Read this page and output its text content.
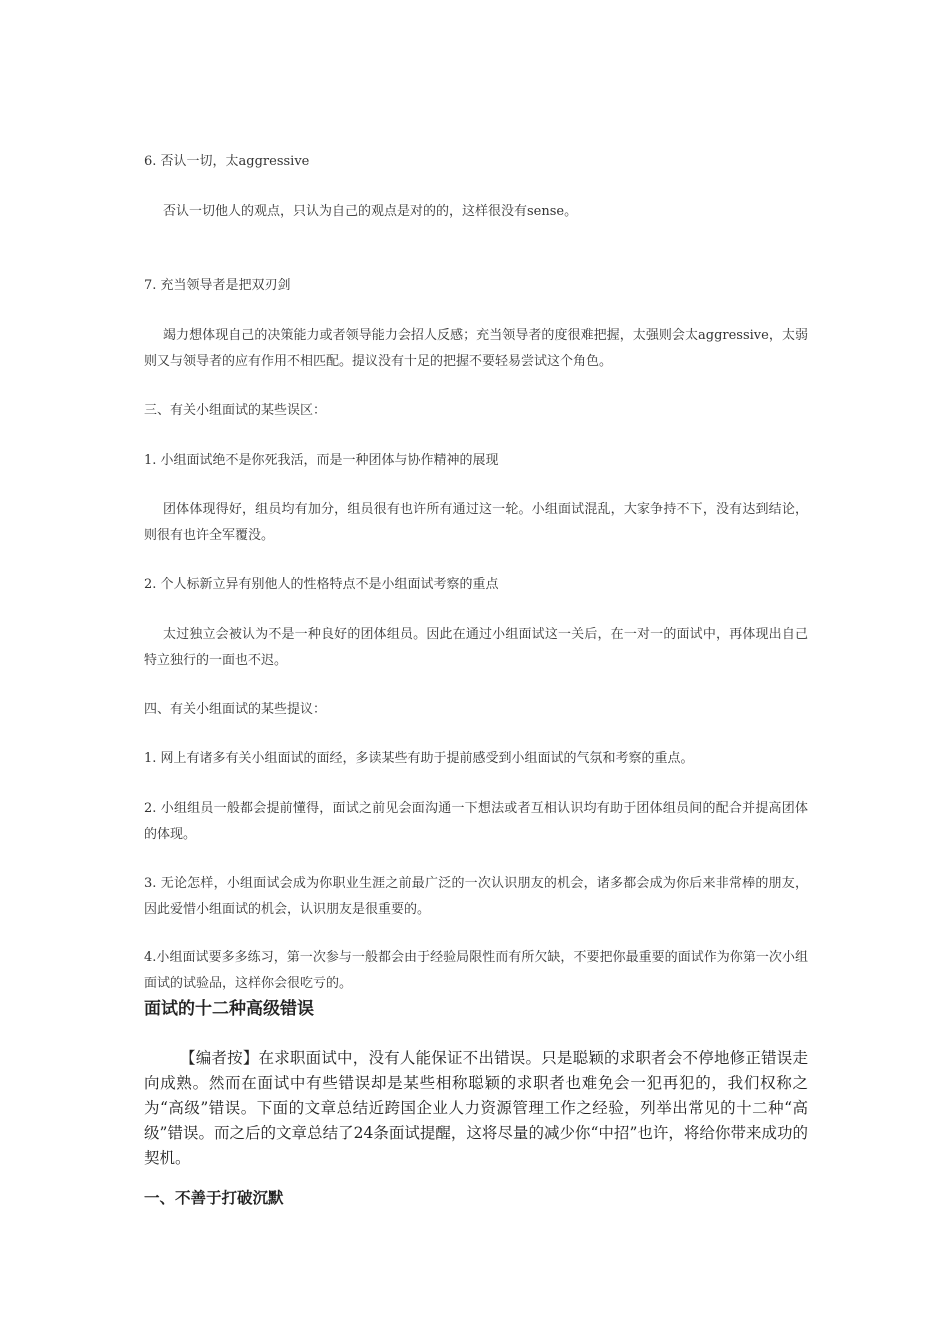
6. 否认一切，太aggressive

否认一切他人的观点，只认为自己的观点是对的的，这样很没有sense。

7. 充当领导者是把双刃剑

竭力想体现自己的决策能力或者领导能力会招人反感；充当领导者的度很难把握，太强则会太aggressive，太弱则又与领导者的应有作用不相匹配。提议没有十足的把握不要轻易尝试这个角色。

三、有关小组面试的某些误区：

1. 小组面试绝不是你死我活，而是一种团体与协作精神的展现

团体体现得好，组员均有加分，组员很有也许所有通过这一轮。小组面试混乱，大家争持不下，没有达到结论，则很有也许全军覆没。

2. 个人标新立异有别他人的性格特点不是小组面试考察的重点

太过独立会被认为不是一种良好的团体组员。因此在通过小组面试这一关后，在一对一的面试中，再体现出自己特立独行的一面也不迟。

四、有关小组面试的某些提议：

1. 网上有诸多有关小组面试的面经，多读某些有助于提前感受到小组面试的气氛和考察的重点。

2. 小组组员一般都会提前懂得，面试之前见会面沟通一下想法或者互相认识均有助于团体组员间的配合并提高团体的体现。

3. 无论怎样，小组面试会成为你职业生涯之前最广泛的一次认识朋友的机会，诸多都会成为你后来非常棒的朋友，因此爱惜小组面试的机会，认识朋友是很重要的。

4.小组面试要多多练习，第一次参与一般都会由于经验局限性而有所欠缺，不要把你最重要的面试作为你第一次小组面试的试验品，这样你会很吃亏的。

面试的十二种高级错误

【编者按】在求职面试中，没有人能保证不出错误。只是聪颖的求职者会不停地修正错误走向成熟。然而在面试中有些错误却是某些相称聪颖的求职者也难免会一犯再犯的，我们权称之为“高级”错误。下面的文章总结近跨国企业人力资源管理工作之经验，列举出常见的十二种“高级”错误。而之后的文章总结了24条面试提醒，这将尽量的减少你“中招”也许，将给你带来成功的契机。

一、不善于打破沉默
